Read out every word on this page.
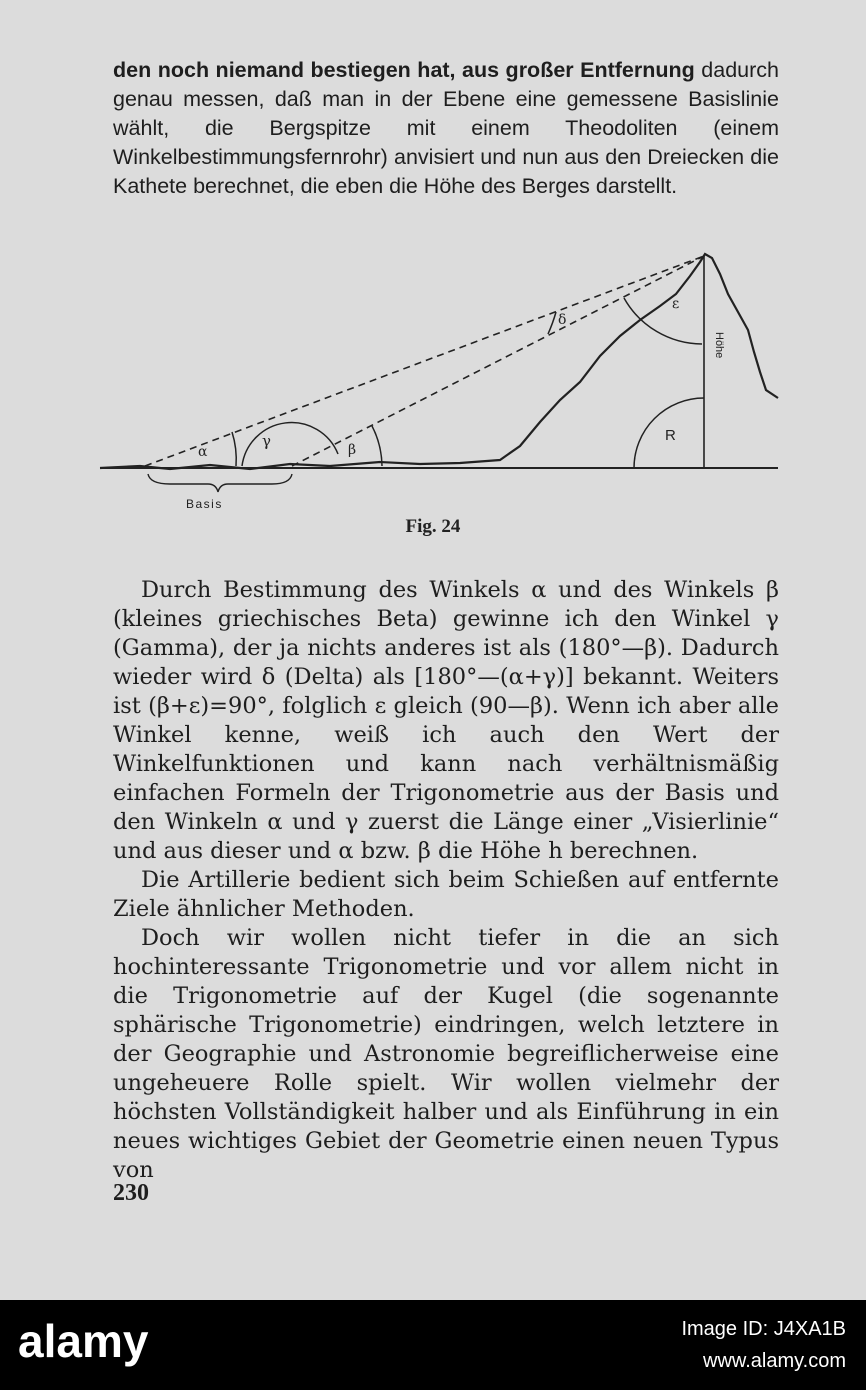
den noch niemand bestiegen hat, aus großer Entfernung dadurch genau messen, daß man in der Ebene eine gemessene Basislinie wählt, die Bergspitze mit einem Theodoliten (einem Winkelbestimmungsfernrohr) anvisiert und nun aus den Dreiecken die Kathete berechnet, die eben die Höhe des Berges darstellt.
α
γ	β
δ
ε
R
Höhe
Basis
Fig. 24

Durch Bestimmung des Winkels α und des Winkels β (kleines griechisches Beta) gewinne ich den Winkel γ (Gamma), der ja nichts anderes ist als (180°—β). Dadurch wieder wird δ (Delta) als [180°—(α+γ)] bekannt. Weiters ist (β+ε)=90°, folglich ε gleich (90—β). Wenn ich aber alle Winkel kenne, weiß ich auch den Wert der Winkelfunktionen und kann nach verhältnismäßig einfachen Formeln der Trigonometrie aus der Basis und den Winkeln α und γ zuerst die Länge einer „Visierlinie“ und aus dieser und α bzw. β die Höhe h berechnen.

Die Artillerie bedient sich beim Schießen auf entfernte Ziele ähnlicher Methoden.

Doch wir wollen nicht tiefer in die an sich hochinteressante Trigonometrie und vor allem nicht in die Trigonometrie auf der Kugel (die sogenannte sphärische Trigonometrie) eindringen, welch letztere in der Geographie und Astronomie begreiflicherweise eine ungeheuere Rolle spielt. Wir wollen vielmehr der höchsten Vollständigkeit halber und als Einführung in ein neues wichtiges Gebiet der Geometrie einen neuen Typus von

230
alamy	Image ID: J4XA1B
www.alamy.com
